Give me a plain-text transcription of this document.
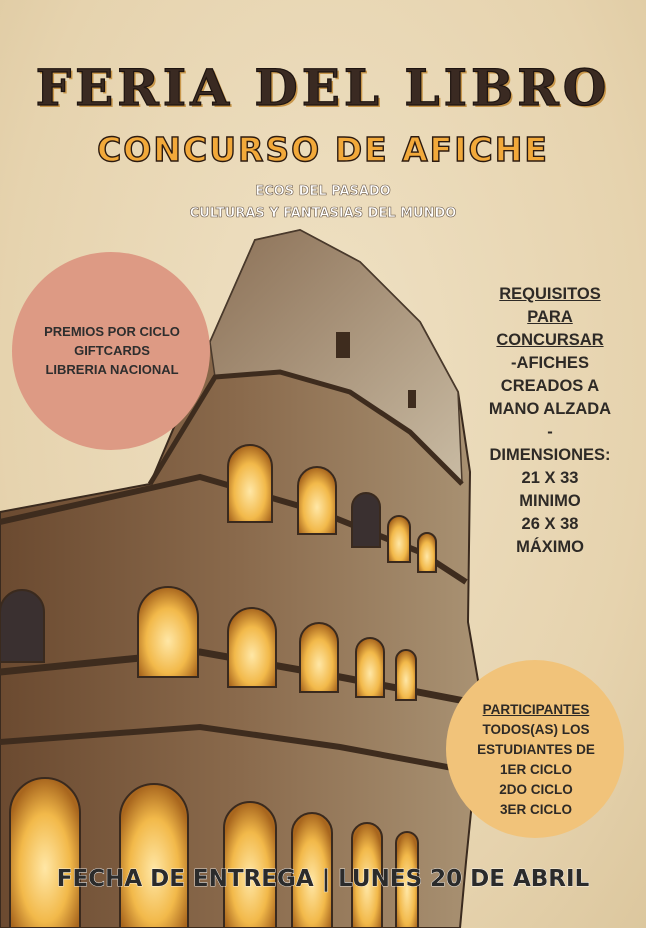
FERIA DEL LIBRO
CONCURSO DE AFICHE
ECOS DEL PASADO
CULTURAS Y FANTASIAS DEL MUNDO
PREMIOS POR CICLO
GIFTCARDS
LIBRERIA NACIONAL
REQUISITOS
PARA
CONCURSAR
-AFICHES
CREADOS A
MANO ALZADA
-
DIMENSIONES:
21 X 33
MINIMO
26 X 38
MÁXIMO
PARTICIPANTES
TODOS(AS) LOS
ESTUDIANTES DE
1ER CICLO
2DO CICLO
3ER CICLO
FECHA DE ENTREGA | LUNES 20 DE ABRIL
